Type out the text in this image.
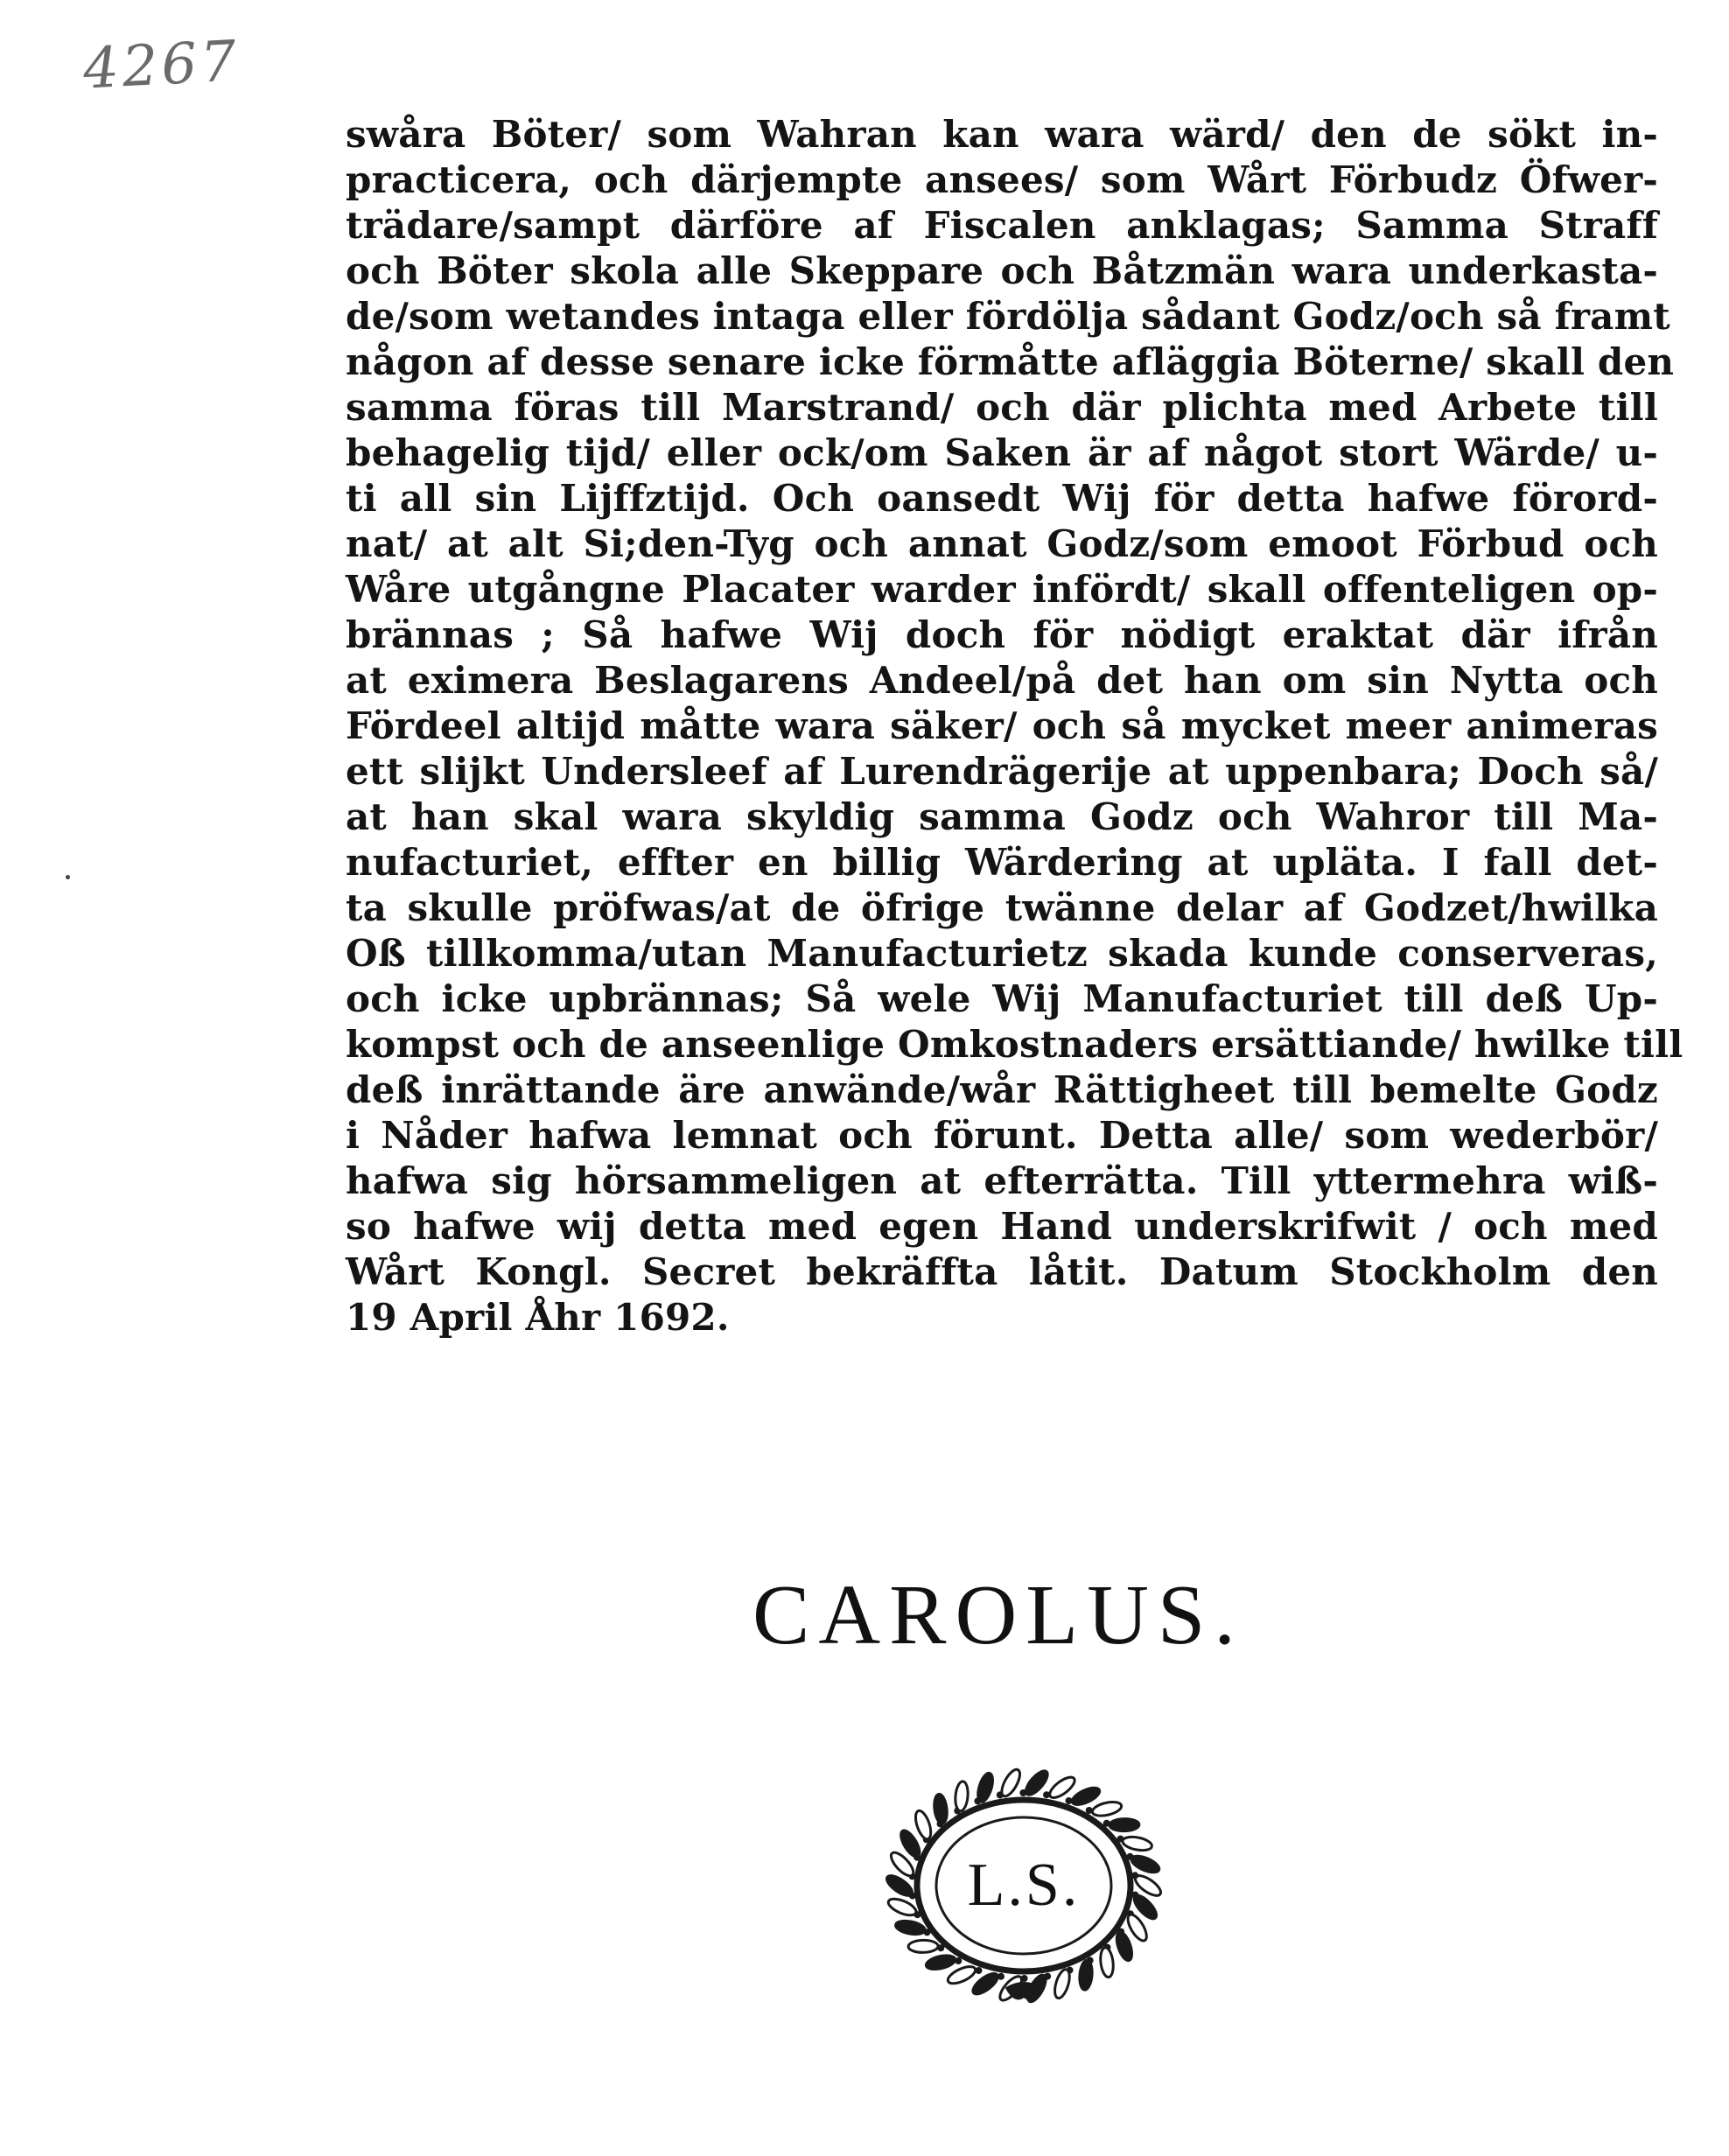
4267
swåra Böter/ som Wahran kan wara wärd/ den de sökt in-
practicera, och därjempte ansees/ som Wårt Förbudz Öfwer-
trädare/sampt därföre af Fiscalen anklagas; Samma Straff
och Böter skola alle Skeppare och Båtzmän wara underkasta-
de/som wetandes intaga eller fördölja sådant Godz/och så framt
någon af desse senare icke förmåtte afläggia Böterne/ skall den
samma föras till Marstrand/ och där plichta med Arbete till
behagelig tijd/ eller ock/om Saken är af något stort Wärde/ u-
ti all sin Lijffztijd. Och oansedt Wij för detta hafwe förord-
nat/ at alt Si;den-Tyg och annat Godz/som emoot Förbud och
Wåre utgångne Placater warder infördt/ skall offenteligen op-
brännas ; Så hafwe Wij doch för nödigt eraktat där ifrån
at eximera Beslagarens Andeel/på det han om sin Nytta och
Fördeel altijd måtte wara säker/ och så mycket meer animeras
ett slijkt Undersleef af Lurendrägerije at uppenbara; Doch så/
at han skal wara skyldig samma Godz och Wahror till Ma-
nufacturiet, effter en billig Wärdering at upläta. I fall det-
ta skulle pröfwas/at de öfrige twänne delar af Godzet/hwilka
Oß tillkomma/utan Manufacturietz skada kunde conserveras,
och icke upbrännas; Så wele Wij Manufacturiet till deß Up-
kompst och de anseenlige Omkostnaders ersättiande/ hwilke till
deß inrättande äre anwände/wår Rättigheet till bemelte Godz
i Nåder hafwa lemnat och förunt. Detta alle/ som wederbör/
hafwa sig hörsammeligen at efterrätta. Till yttermehra wiß-
so hafwe wij detta med egen Hand underskrifwit / och med
Wårt Kongl. Secret bekräffta låtit. Datum Stockholm den
19 April Åhr 1692.
CAROLUS.
L.S.
